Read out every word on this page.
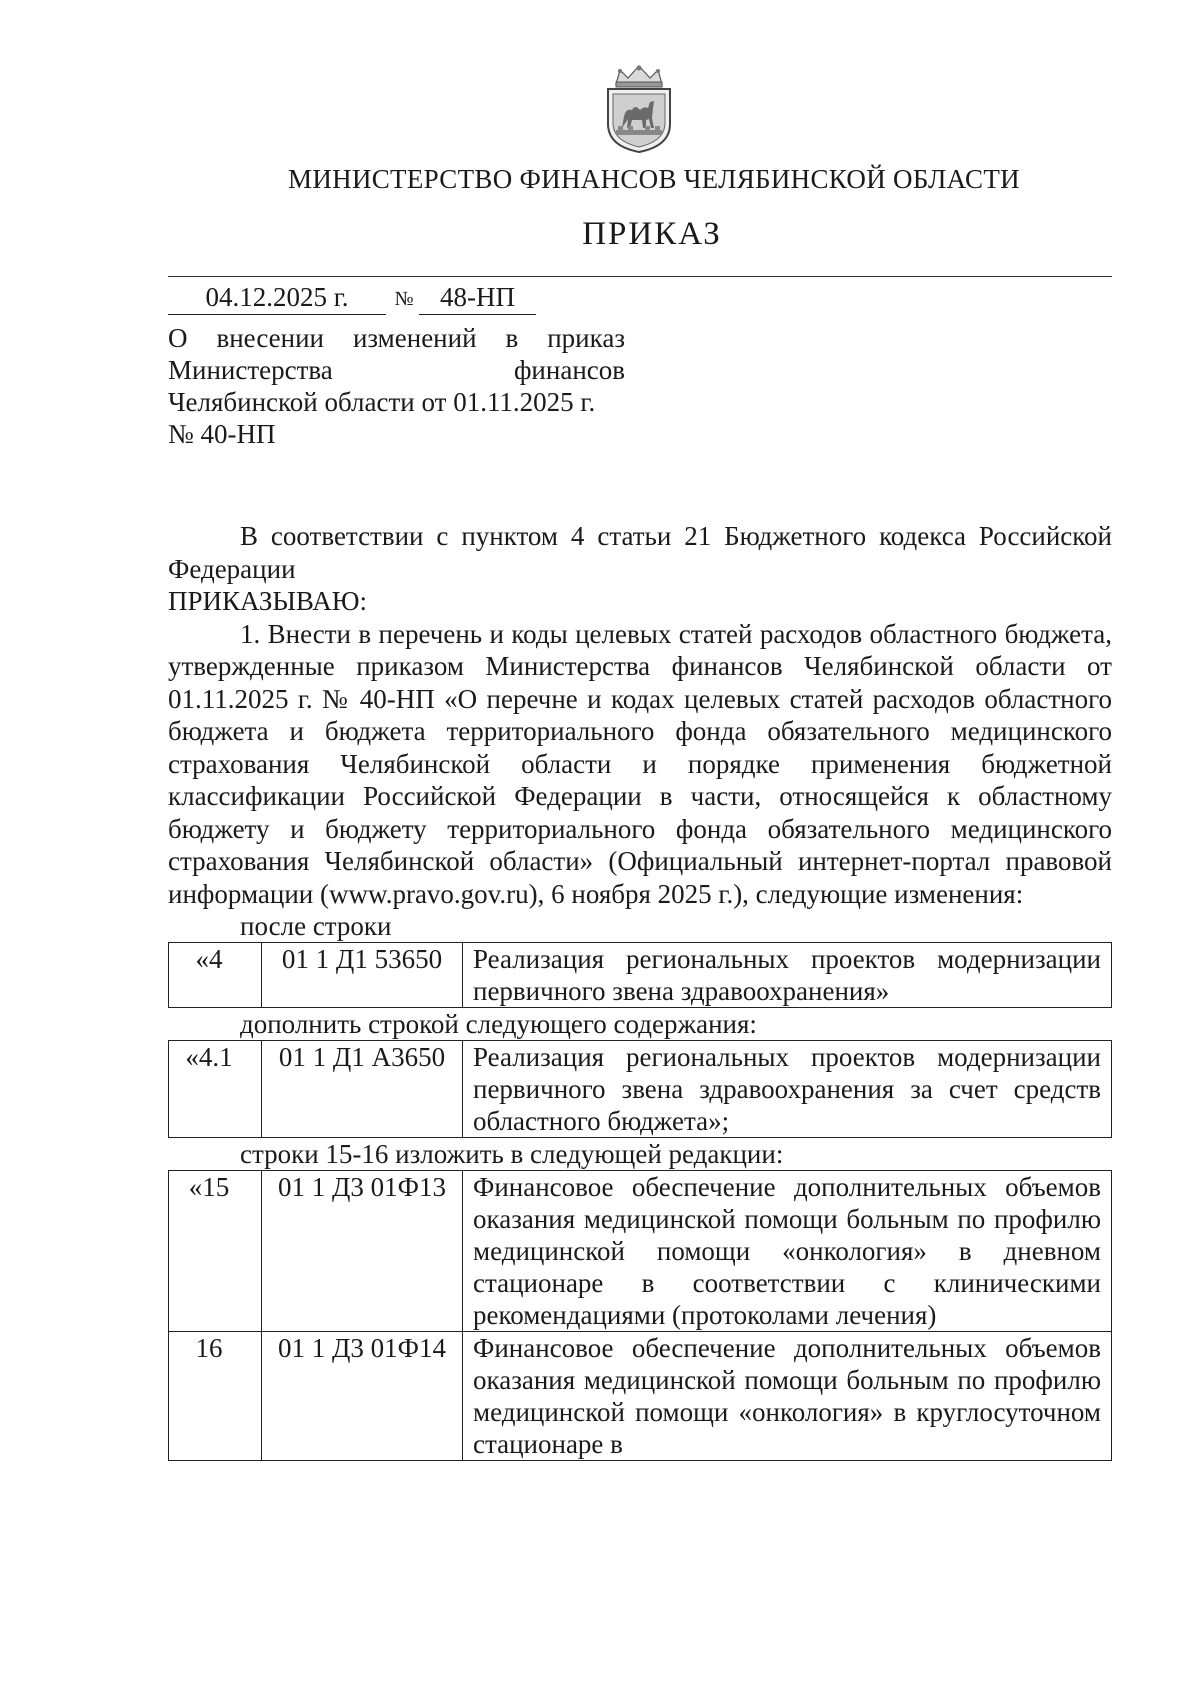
МИНИСТЕРСТВО ФИНАНСОВ ЧЕЛЯБИНСКОЙ ОБЛАСТИ
ПРИКАЗ
04.12.2025 г.	№ 48-НП
О внесении изменений в приказ
Министерства финансов
Челябинской области от 01.11.2025 г.
№ 40-НП

В соответствии с пунктом 4 статьи 21 Бюджетного кодекса Российской Федерации

ПРИКАЗЫВАЮ:

1. Внести в перечень и коды целевых статей расходов областного бюджета, утвержденные приказом Министерства финансов Челябинской области от 01.11.2025 г. № 40-НП «О перечне и кодах целевых статей расходов областного бюджета и бюджета территориального фонда обязательного медицинского страхования Челябинской области и порядке применения бюджетной классификации Российской Федерации в части, относящейся к областному бюджету и бюджету территориального фонда обязательного медицинского страхования Челябинской области» (Официальный интернет-портал правовой информации (www.pravo.gov.ru), 6 ноября 2025 г.), следующие изменения:

после строки

«4	01 1 Д1 53650	Реализация региональных проектов модернизации первичного звена здравоохранения»

дополнить строкой следующего содержания:

«4.1	01 1 Д1 А3650	Реализация региональных проектов модернизации первичного звена здравоохранения за счет средств областного бюджета»;

строки 15-16 изложить в следующей редакции:

«15	01 1 Д3 01Ф13	Финансовое обеспечение дополнительных объемов оказания медицинской помощи больным по профилю медицинской помощи «онкология» в дневном стационаре в соответствии с клиническими рекомендациями (протоколами лечения)
16	01 1 Д3 01Ф14	Финансовое обеспечение дополнительных объемов оказания медицинской помощи больным по профилю медицинской помощи «онкология» в круглосуточном стационаре в
